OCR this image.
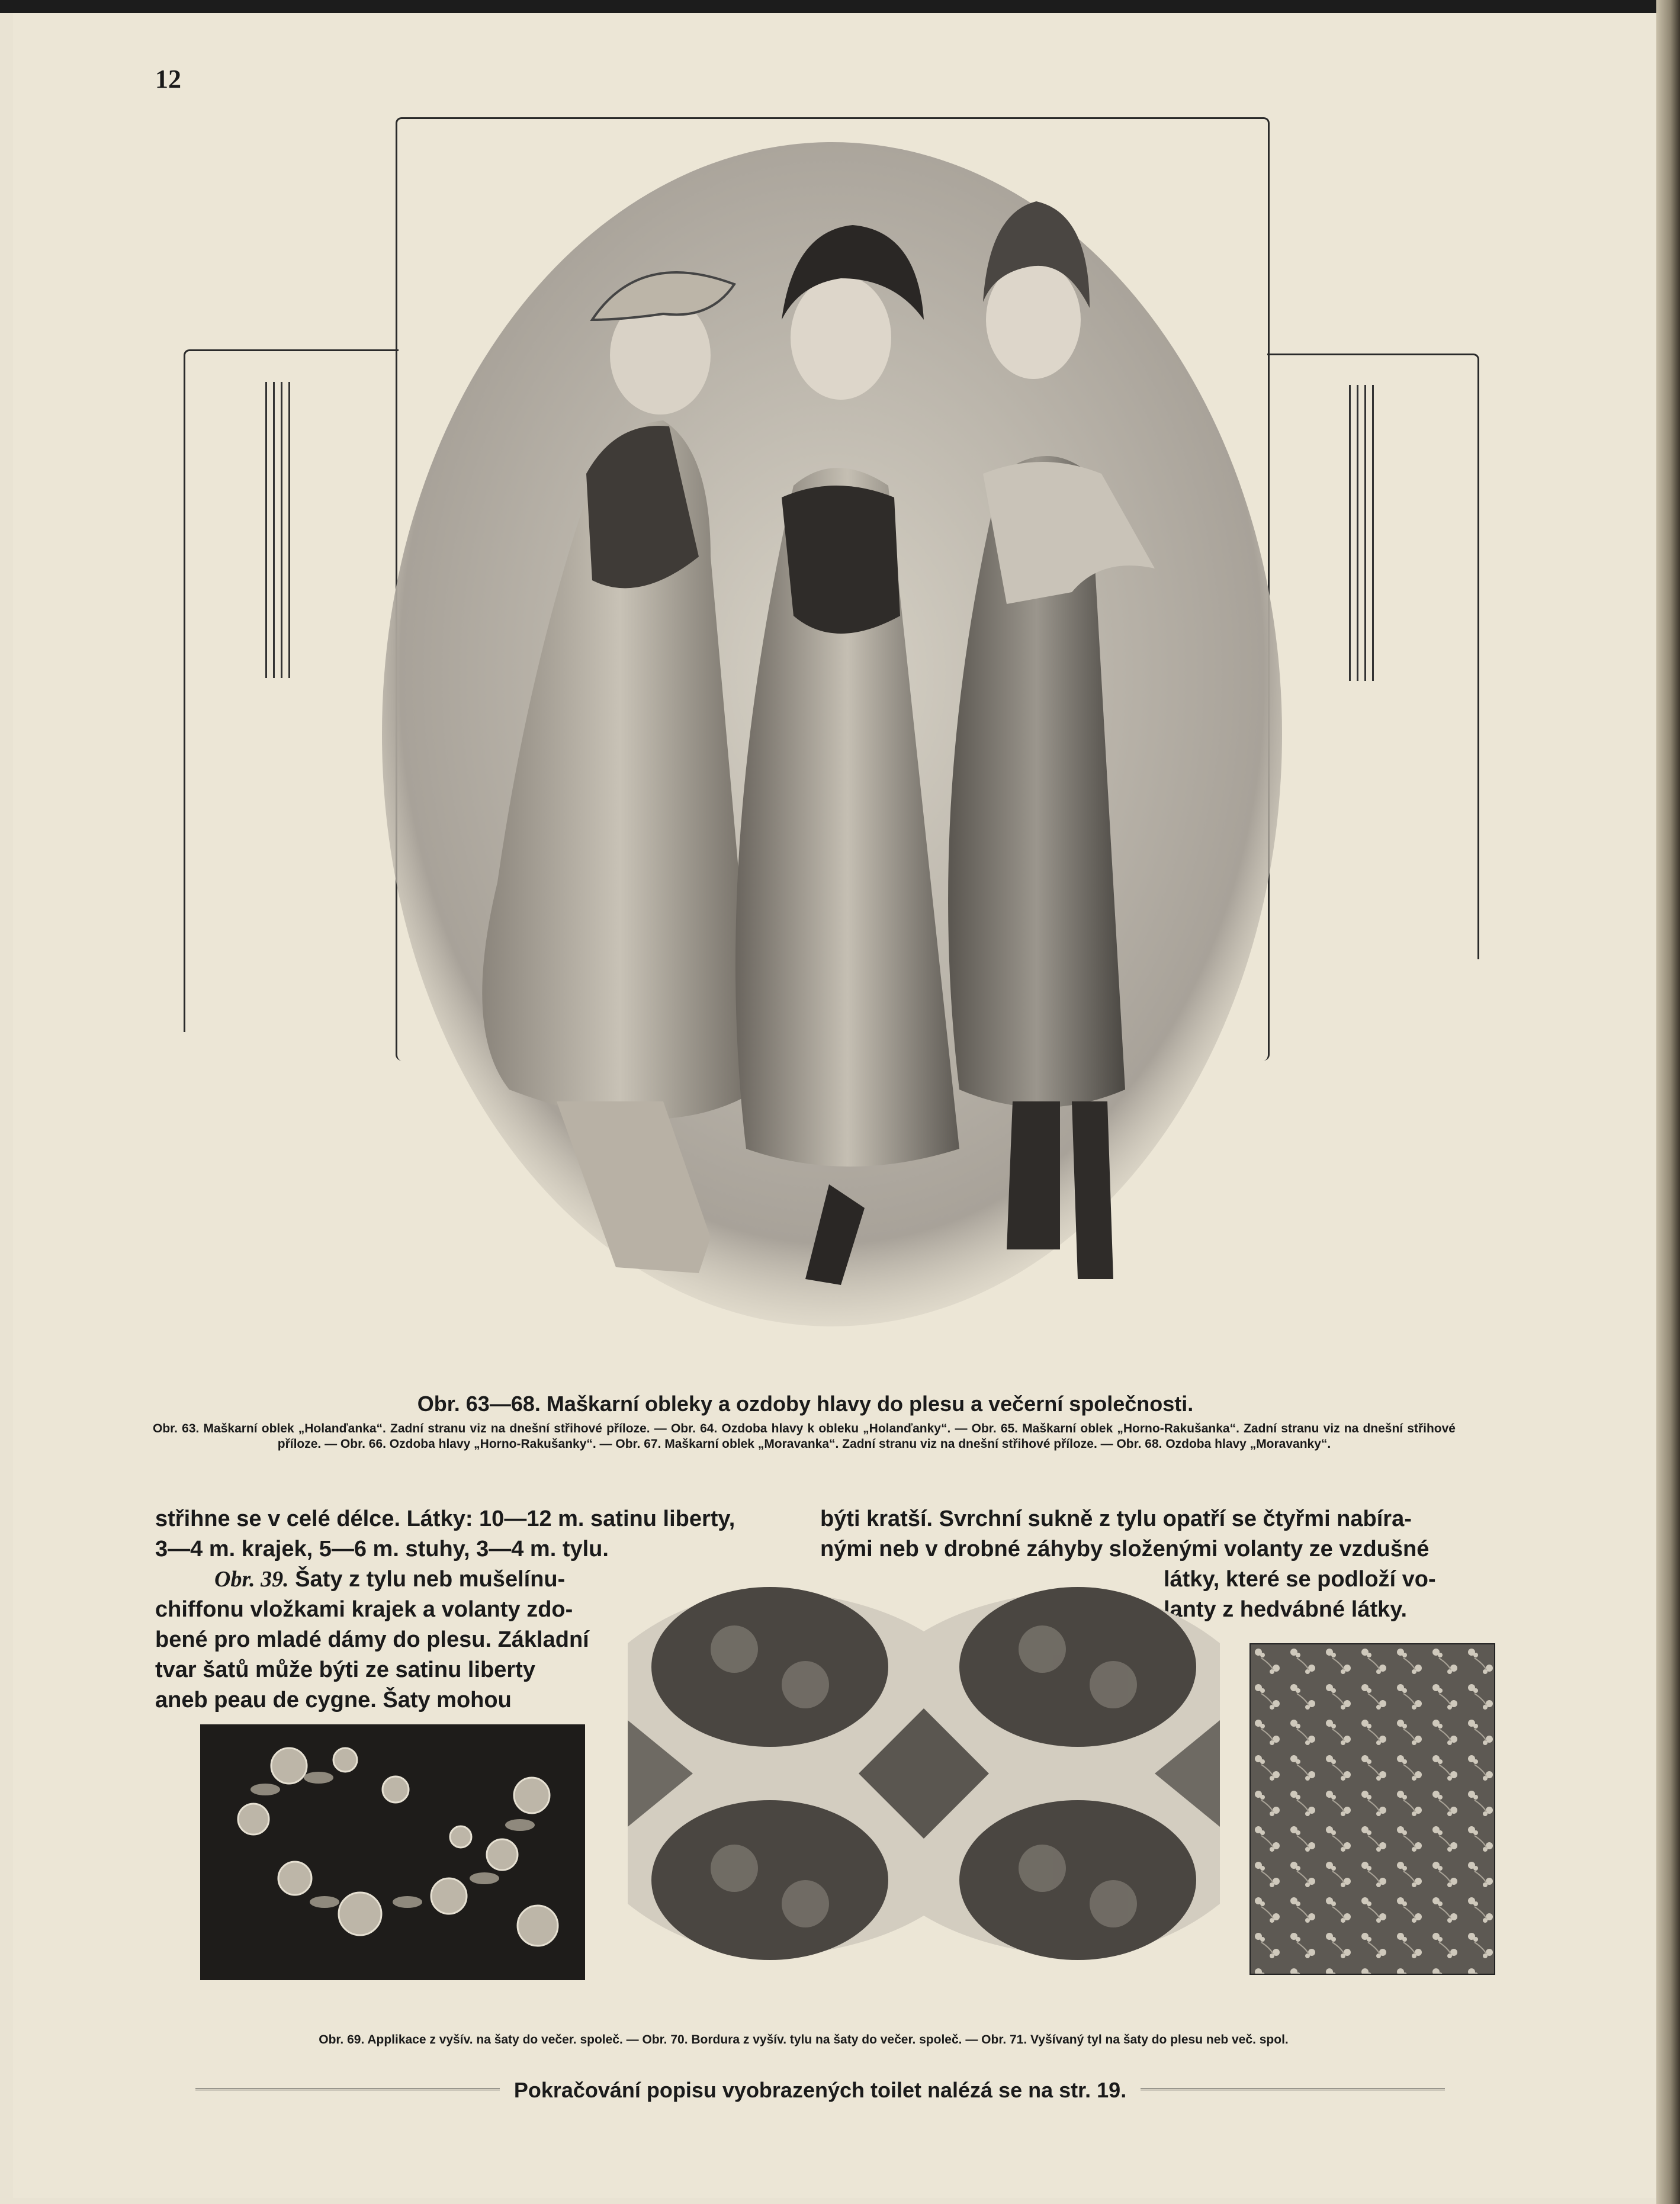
12
Obr. 63—68. Maškarní obleky a ozdoby hlavy do plesu a večerní společnosti.
Obr. 63. Maškarní oblek „Holanďanka“. Zadní stranu viz na dnešní střihové příloze. — Obr. 64. Ozdoba hlavy k obleku „Holanďanky“. — Obr. 65. Maškarní oblek „Horno-Rakušanka“. Zadní stranu viz na dnešní střihové příloze. — Obr. 66. Ozdoba hlavy „Horno-Rakušanky“. — Obr. 67. Maškarní oblek „Moravanka“. Zadní stranu viz na dnešní střihové příloze. — Obr. 68. Ozdoba hlavy „Moravanky“.
střihne se v celé délce. Látky: 10—12 m. satinu liberty,
3—4 m. krajek, 5—6 m. stuhy, 3—4 m. tylu.
Obr. 39. Šaty z tylu neb mušelínu-
chiffonu vložkami krajek a volanty zdo-
bené pro mladé dámy do plesu. Základní
tvar šatů může býti ze satinu liberty
aneb peau de cygne. Šaty mohou
býti kratší. Svrchní sukně z tylu opatří se čtyřmi nabíra-
nými neb v drobné záhyby složenými volanty ze vzdušné
látky, které se podloží vo-
lanty z hedvábné látky.
Obr. 69. Applikace z vyšív. na šaty do večer. společ. — Obr. 70. Bordura z vyšív. tylu na šaty do večer. společ. — Obr. 71. Vyšívaný tyl na šaty do plesu neb več. spol.
Pokračování popisu vyobrazených toilet nalézá se na str. 19.
